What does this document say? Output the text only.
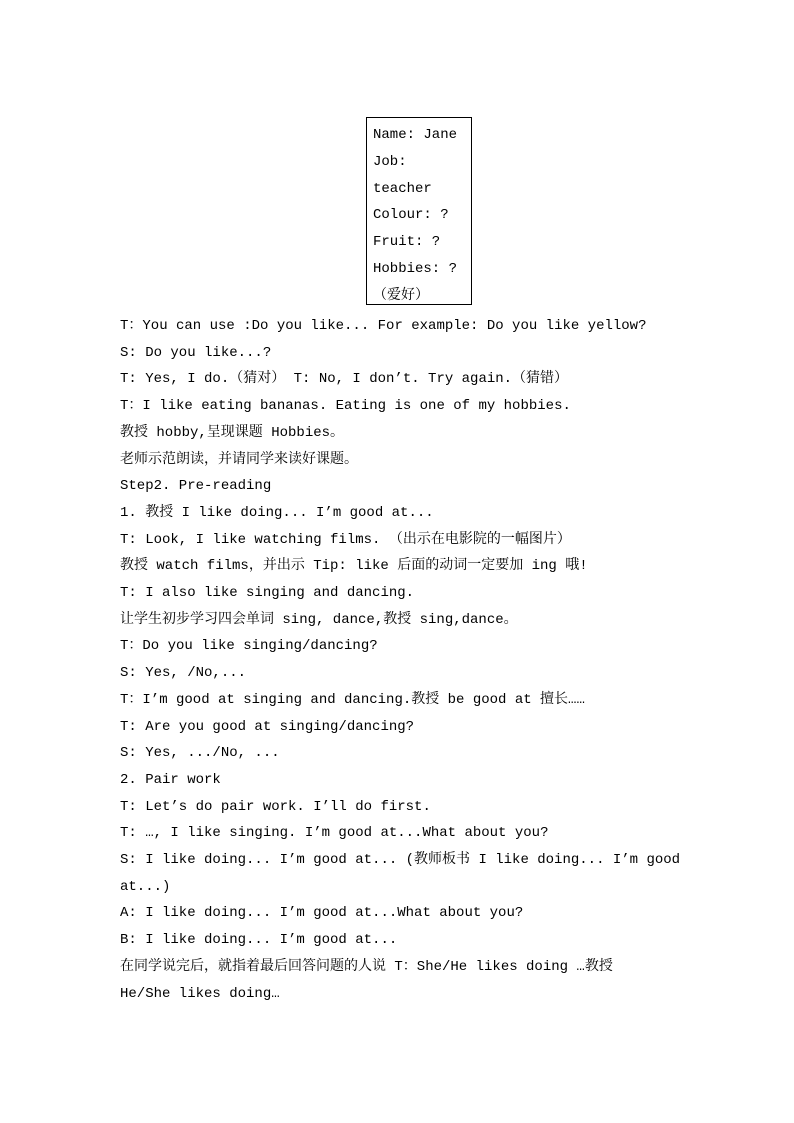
Name: Jane
Job:
teacher
Colour: ?
Fruit: ?
Hobbies: ?
（爱好）
T：You can use :Do you like... For example: Do you like yellow?
S: Do you like...?
T: Yes, I do.（猜对） T: No, I don’t. Try again.（猜错）
T：I like eating bananas. Eating is one of my hobbies.
教授 hobby,呈现课题 Hobbies。
老师示范朗读，并请同学来读好课题。
Step2. Pre-reading
1. 教授 I like doing... I’m good at...
T: Look, I like watching films. （出示在电影院的一幅图片）
教授 watch films，并出示 Tip: like 后面的动词一定要加 ing 哦!
T: I also like singing and dancing.
让学生初步学习四会单词 sing, dance,教授 sing,dance。
T：Do you like singing/dancing?
S: Yes, /No,...
T：I’m good at singing and dancing.教授 be good at 擅长……
T: Are you good at singing/dancing?
S: Yes, .../No, ...
2. Pair work
T: Let’s do pair work. I’ll do first.
T: …, I like singing. I’m good at...What about you?
S: I like doing... I’m good at... (教师板书 I like doing... I’m good
at...)
A: I like doing... I’m good at...What about you?
B: I like doing... I’m good at...
在同学说完后，就指着最后回答问题的人说 T：She/He likes doing …教授
He/She likes doing…
